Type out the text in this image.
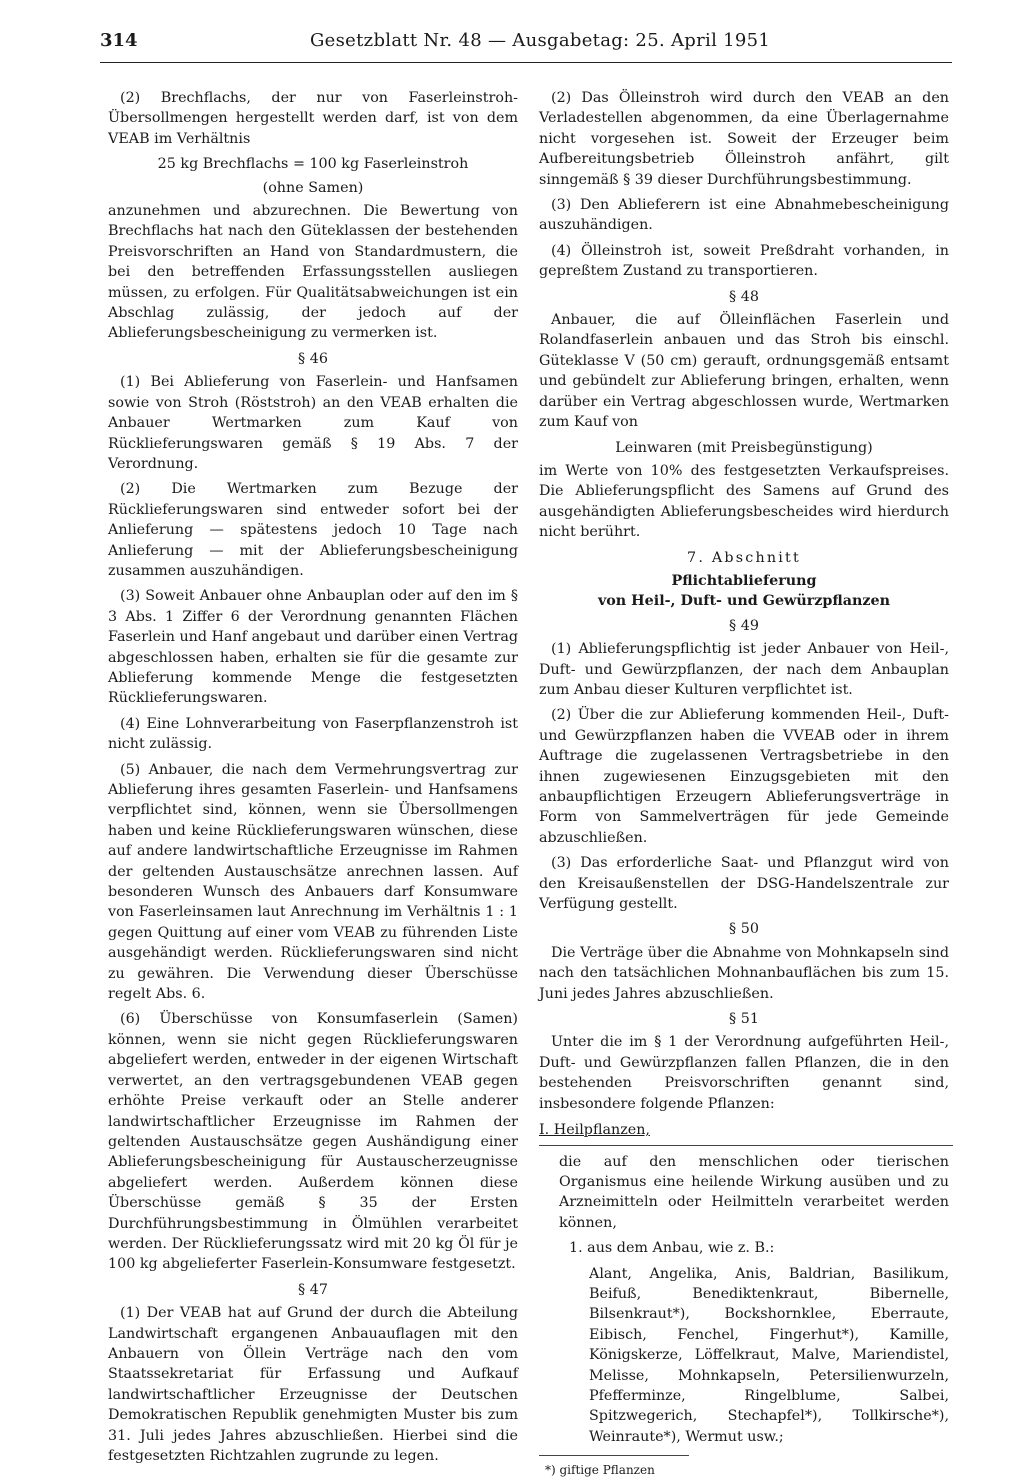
314	Gesetzblatt Nr. 48 — Ausgabetag: 25. April 1951

(2) Brechflachs, der nur von Faserleinstroh-Übersollmengen hergestellt werden darf, ist von dem VEAB im Verhältnis

25 kg Brechflachs = 100 kg Faserleinstroh
(ohne Samen)

anzunehmen und abzurechnen. Die Bewertung von Brechflachs hat nach den Güteklassen der bestehenden Preisvorschriften an Hand von Standardmustern, die bei den betreffenden Erfassungsstellen ausliegen müssen, zu erfolgen. Für Qualitätsabweichungen ist ein Abschlag zulässig, der jedoch auf der Ablieferungsbescheinigung zu vermerken ist.

§ 46

(1) Bei Ablieferung von Faserlein- und Hanfsamen sowie von Stroh (Röststroh) an den VEAB erhalten die Anbauer Wertmarken zum Kauf von Rücklieferungswaren gemäß § 19 Abs. 7 der Verordnung.

(2) Die Wertmarken zum Bezuge der Rücklieferungswaren sind entweder sofort bei der Anlieferung — spätestens jedoch 10 Tage nach Anlieferung — mit der Ablieferungsbescheinigung zusammen auszuhändigen.

(3) Soweit Anbauer ohne Anbauplan oder auf den im § 3 Abs. 1 Ziffer 6 der Verordnung genannten Flächen Faserlein und Hanf angebaut und darüber einen Vertrag abgeschlossen haben, erhalten sie für die gesamte zur Ablieferung kommende Menge die festgesetzten Rücklieferungswaren.

(4) Eine Lohnverarbeitung von Faserpflanzenstroh ist nicht zulässig.

(5) Anbauer, die nach dem Vermehrungsvertrag zur Ablieferung ihres gesamten Faserlein- und Hanfsamens verpflichtet sind, können, wenn sie Übersollmengen haben und keine Rücklieferungswaren wünschen, diese auf andere landwirtschaftliche Erzeugnisse im Rahmen der geltenden Austauschsätze anrechnen lassen. Auf besonderen Wunsch des Anbauers darf Konsumware von Faserleinsamen laut Anrechnung im Verhältnis 1 : 1 gegen Quittung auf einer vom VEAB zu führenden Liste ausgehändigt werden. Rücklieferungswaren sind nicht zu gewähren. Die Verwendung dieser Überschüsse regelt Abs. 6.

(6) Überschüsse von Konsumfaserlein (Samen) können, wenn sie nicht gegen Rücklieferungswaren abgeliefert werden, entweder in der eigenen Wirtschaft verwertet, an den vertragsgebundenen VEAB gegen erhöhte Preise verkauft oder an Stelle anderer landwirtschaftlicher Erzeugnisse im Rahmen der geltenden Austauschsätze gegen Aushändigung einer Ablieferungsbescheinigung für Austauscherzeugnisse abgeliefert werden. Außerdem können diese Überschüsse gemäß § 35 der Ersten Durchführungsbestimmung in Ölmühlen verarbeitet werden. Der Rücklieferungssatz wird mit 20 kg Öl für je 100 kg abgelieferter Faserlein-Konsumware festgesetzt.

§ 47

(1) Der VEAB hat auf Grund der durch die Abteilung Landwirtschaft ergangenen Anbauauflagen mit den Anbauern von Öllein Verträge nach den vom Staatssekretariat für Erfassung und Aufkauf landwirtschaftlicher Erzeugnisse der Deutschen Demokratischen Republik genehmigten Muster bis zum 31. Juli jedes Jahres abzuschließen. Hierbei sind die festgesetzten Richtzahlen zugrunde zu legen.

(2) Das Ölleinstroh wird durch den VEAB an den Verladestellen abgenommen, da eine Überlagernahme nicht vorgesehen ist. Soweit der Erzeuger beim Aufbereitungsbetrieb Ölleinstroh anfährt, gilt sinngemäß § 39 dieser Durchführungsbestimmung.

(3) Den Ablieferern ist eine Abnahmebescheinigung auszuhändigen.

(4) Ölleinstroh ist, soweit Preßdraht vorhanden, in gepreßtem Zustand zu transportieren.

§ 48

Anbauer, die auf Ölleinflächen Faserlein und Rolandfaserlein anbauen und das Stroh bis einschl. Güteklasse V (50 cm) gerauft, ordnungsgemäß entsamt und gebündelt zur Ablieferung bringen, erhalten, wenn darüber ein Vertrag abgeschlossen wurde, Wertmarken zum Kauf von

Leinwaren (mit Preisbegünstigung)

im Werte von 10% des festgesetzten Verkaufspreises. Die Ablieferungspflicht des Samens auf Grund des ausgehändigten Ablieferungsbescheides wird hierdurch nicht berührt.

7. Abschnitt
Pflichtablieferung
von Heil-, Duft- und Gewürzpflanzen
§ 49

(1) Ablieferungspflichtig ist jeder Anbauer von Heil-, Duft- und Gewürzpflanzen, der nach dem Anbauplan zum Anbau dieser Kulturen verpflichtet ist.

(2) Über die zur Ablieferung kommenden Heil-, Duft- und Gewürzpflanzen haben die VVEAB oder in ihrem Auftrage die zugelassenen Vertragsbetriebe in den ihnen zugewiesenen Einzugsgebieten mit den anbaupflichtigen Erzeugern Ablieferungsverträge in Form von Sammelverträgen für jede Gemeinde abzuschließen.

(3) Das erforderliche Saat- und Pflanzgut wird von den Kreisaußenstellen der DSG-Handelszentrale zur Verfügung gestellt.

§ 50

Die Verträge über die Abnahme von Mohnkapseln sind nach den tatsächlichen Mohnanbauflächen bis zum 15. Juni jedes Jahres abzuschließen.

§ 51

Unter die im § 1 der Verordnung aufgeführten Heil-, Duft- und Gewürzpflanzen fallen Pflanzen, die in den bestehenden Preisvorschriften genannt sind, insbesondere folgende Pflanzen:

I. Heilpflanzen,

die auf den menschlichen oder tierischen Organismus eine heilende Wirkung ausüben und zu Arzneimitteln oder Heilmitteln verarbeitet werden können,

1. aus dem Anbau, wie z. B.:

Alant, Angelika, Anis, Baldrian, Basilikum, Beifuß, Benediktenkraut, Bibernelle, Bilsenkraut*), Bockshornklee, Eberraute, Eibisch, Fenchel, Fingerhut*), Kamille, Königskerze, Löffelkraut, Malve, Mariendistel, Melisse, Mohnkapseln, Petersilienwurzeln, Pfefferminze, Ringelblume, Salbei, Spitzwegerich, Stechapfel*), Tollkirsche*), Weinraute*), Wermut usw.;

*) giftige Pflanzen
